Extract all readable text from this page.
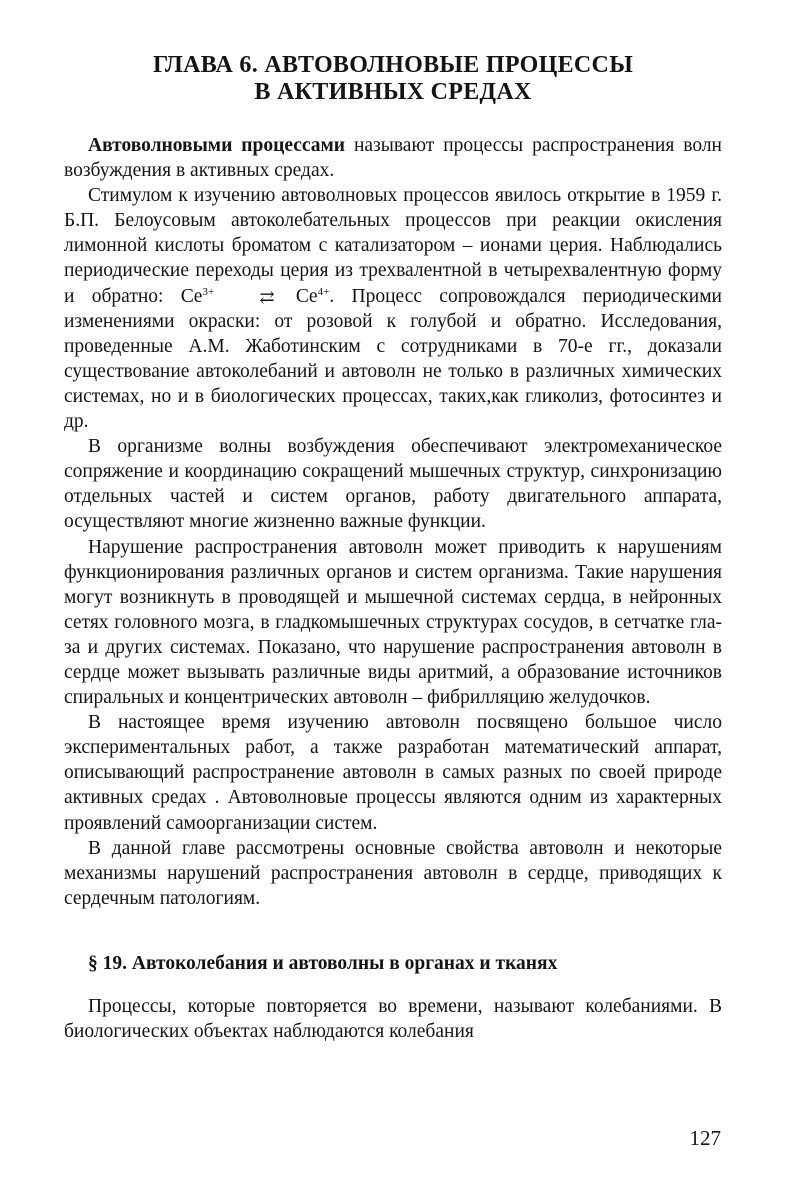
ГЛАВА 6. АВТОВОЛНОВЫЕ ПРОЦЕССЫ
В АКТИВНЫХ СРЕДАХ

Автоволновыми процессами называют процессы распространения волн возбуждения в активных средах.

Стимулом к изучению автоволновых процессов явилось открытие в 1959 г. Б.П. Белоусовым автоколебательных процессов при реакции окисления лимонной кислоты броматом с катализатором – ионами церия. Наблюдались периодические переходы церия из трехвалентной в четырехвалентную форму и обратно: $Ce^{3+}$	⇄ $Ce^{4+}$. Процесс сопровождался периодическими изменениями окраски: от розовой к голубой и обратно. Исследования, проведенные А.М. Жаботинским с сотрудниками в 70-е гг., доказали существование автоколебаний и автоволн не только в различных химических системах, но и в биологических процессах, таких,как гликолиз, фотосинтез и др.

В организме волны возбуждения обеспечивают электромеханическое сопряжение и координацию сокращений мышечных структур, синхронизацию отдельных частей и систем органов, работу двигательного аппарата, осуществляют многие жизненно важные функции.

Нарушение распространения автоволн может приводить к нарушениям функционирования различных органов и систем организма. Такие нарушения могут возникнуть в проводящей и мышечной системах сердца, в нейронных сетях головного мозга, в гладкомышечных структурах сосудов, в сетчатке глаза и других системах. Показано, что нарушение распространения автоволн в сердце может вызывать различные виды аритмий, а образование источников спиральных и концентрических автоволн – фибрилляцию желудочков.

В настоящее время изучению автоволн посвящено большое число экспериментальных работ, а также разработан математический аппарат, описывающий распространение автоволн в самых разных по своей природе активных средах . Автоволновые процессы являются одним из характерных проявлений самоорганизации систем.

В данной главе рассмотрены основные свойства автоволн и некоторые механизмы нарушений распространения автоволн в сердце, приводящих к сердечным патологиям.

§ 19. Автоколебания и автоволны в органах и тканях

Процессы, которые повторяется во времени, называют колебаниями. В биологических объектах наблюдаются колебания

127
